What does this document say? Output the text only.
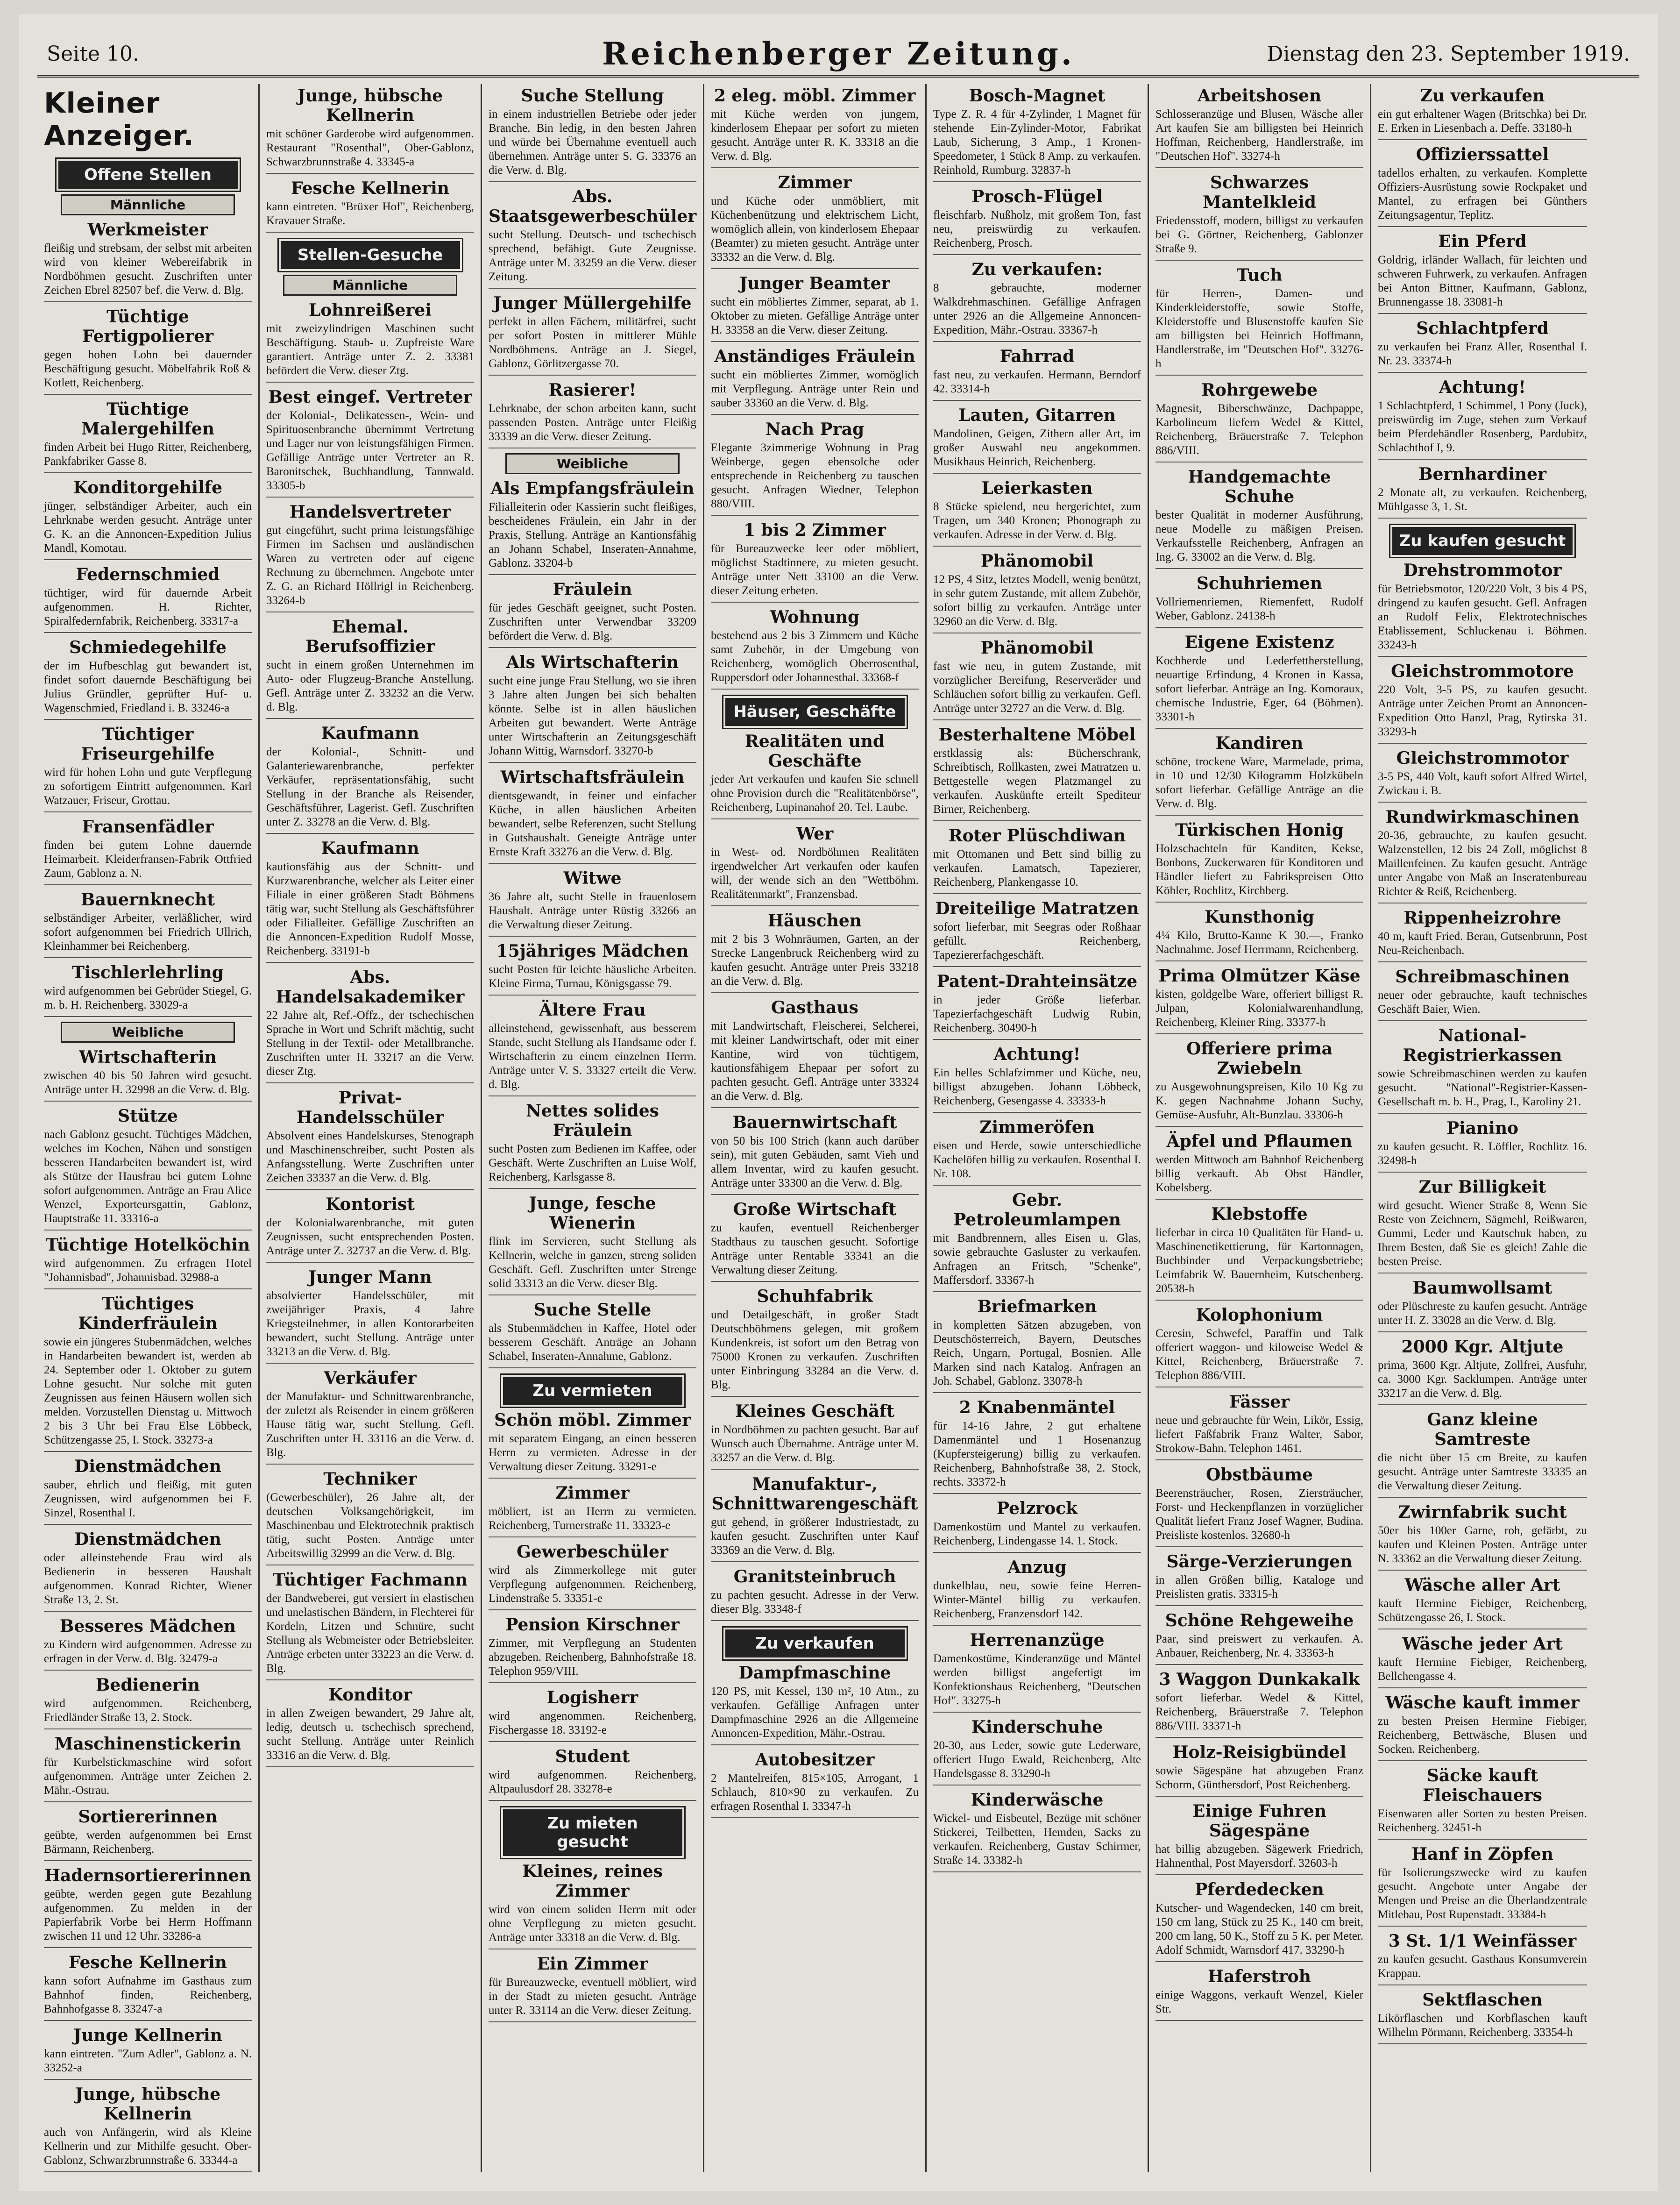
Seite 10.	Reichenberger Zeitung.	Dienstag den 23. September 1919.
Kleiner Anzeiger.
Offene Stellen
Männliche
Werkmeister
fleißig und strebsam, der selbst mit arbeiten wird von kleiner Webereifabrik in Nordböhmen gesucht. Zuschriften unter Zeichen Ebrel 82507 bef. die Verw. d. Blg.
Tüchtige Fertigpolierer
gegen hohen Lohn bei dauernder Beschäftigung gesucht. Möbelfabrik Roß & Kotlett, Reichenberg.
Tüchtige Malergehilfen
finden Arbeit bei Hugo Ritter, Reichenberg, Pankfabriker Gasse 8.
Konditorgehilfe
jünger, selbständiger Arbeiter, auch ein Lehrknabe werden gesucht. Anträge unter G. K. an die Annoncen-Expedition Julius Mandl, Komotau.
Federnschmied
tüchtiger, wird für dauernde Arbeit aufgenommen. H. Richter, Spiralfedernfabrik, Reichenberg. 33317-a
Schmiedegehilfe
der im Hufbeschlag gut bewandert ist, findet sofort dauernde Beschäftigung bei Julius Gründler, geprüfter Huf- u. Wagenschmied, Friedland i. B. 33246-a
Tüchtiger Friseurgehilfe
wird für hohen Lohn und gute Verpflegung zu sofortigem Eintritt aufgenommen. Karl Watzauer, Friseur, Grottau.
Fransenfädler
finden bei gutem Lohne dauernde Heimarbeit. Kleiderfransen-Fabrik Ottfried Zaum, Gablonz a. N.
Bauernknecht
selbständiger Arbeiter, verläßlicher, wird sofort aufgenommen bei Friedrich Ullrich, Kleinhammer bei Reichenberg.
Tischlerlehrling
wird aufgenommen bei Gebrüder Stiegel, G. m. b. H. Reichenberg. 33029-a
Weibliche
Wirtschafterin
zwischen 40 bis 50 Jahren wird gesucht. Anträge unter H. 32998 an die Verw. d. Blg.
Stütze
nach Gablonz gesucht. Tüchtiges Mädchen, welches im Kochen, Nähen und sonstigen besseren Handarbeiten bewandert ist, wird als Stütze der Hausfrau bei gutem Lohne sofort aufgenommen. Anträge an Frau Alice Wenzel, Exporteursgattin, Gablonz, Hauptstraße 11. 33316-a
Tüchtige Hotelköchin
wird aufgenommen. Zu erfragen Hotel "Johannisbad", Johannisbad. 32988-a
Tüchtiges Kinderfräulein
sowie ein jüngeres Stubenmädchen, welches in Handarbeiten bewandert ist, werden ab 24. September oder 1. Oktober zu gutem Lohne gesucht. Nur solche mit guten Zeugnissen aus feinen Häusern wollen sich melden. Vorzustellen Dienstag u. Mittwoch 2 bis 3 Uhr bei Frau Else Löbbeck, Schützengasse 25, I. Stock. 33273-a
Dienstmädchen
sauber, ehrlich und fleißig, mit guten Zeugnissen, wird aufgenommen bei F. Sinzel, Rosenthal I.
Dienstmädchen
oder alleinstehende Frau wird als Bedienerin in besseren Haushalt aufgenommen. Konrad Richter, Wiener Straße 13, 2. St.
Besseres Mädchen
zu Kindern wird aufgenommen. Adresse zu erfragen in der Verw. d. Blg. 32479-a
Bedienerin
wird aufgenommen. Reichenberg, Friedländer Straße 13, 2. Stock.
Maschinenstickerin
für Kurbelstickmaschine wird sofort aufgenommen. Anträge unter Zeichen 2. Mähr.-Ostrau.
Sortiererinnen
geübte, werden aufgenommen bei Ernst Bärmann, Reichenberg.
Hadernsortiererinnen
geübte, werden gegen gute Bezahlung aufgenommen. Zu melden in der Papierfabrik Vorbe bei Herrn Hoffmann zwischen 11 und 12 Uhr. 33286-a
Fesche Kellnerin
kann sofort Aufnahme im Gasthaus zum Bahnhof finden, Reichenberg, Bahnhofgasse 8. 33247-a
Junge Kellnerin
kann eintreten. "Zum Adler", Gablonz a. N. 33252-a
Junge, hübsche Kellnerin
auch von Anfängerin, wird als Kleine Kellnerin und zur Mithilfe gesucht. Ober-Gablonz, Schwarzbrunnstraße 6. 33344-a
Junge, hübsche Kellnerin
mit schöner Garderobe wird aufgenommen. Restaurant "Rosenthal", Ober-Gablonz, Schwarzbrunnstraße 4. 33345-a
Fesche Kellnerin
kann eintreten. "Brüxer Hof", Reichenberg, Kravauer Straße.
Stellen-Gesuche
Männliche
Lohnreißerei
mit zweizylindrigen Maschinen sucht Beschäftigung. Staub- u. Zupfreiste Ware garantiert. Anträge unter Z. 2. 33381 befördert die Verw. dieser Ztg.
Best eingef. Vertreter
der Kolonial-, Delikatessen-, Wein- und Spirituosenbranche übernimmt Vertretung und Lager nur von leistungsfähigen Firmen. Gefällige Anträge unter Vertreter an R. Baronitschek, Buchhandlung, Tannwald. 33305-b
Handelsvertreter
gut eingeführt, sucht prima leistungsfähige Firmen im Sachsen und ausländischen Waren zu vertreten oder auf eigene Rechnung zu übernehmen. Angebote unter Z. G. an Richard Höllrigl in Reichenberg. 33264-b
Ehemal. Berufsoffizier
sucht in einem großen Unternehmen im Auto- oder Flugzeug-Branche Anstellung. Gefl. Anträge unter Z. 33232 an die Verw. d. Blg.
Kaufmann
der Kolonial-, Schnitt- und Galanteriewarenbranche, perfekter Verkäufer, repräsentationsfähig, sucht Stellung in der Branche als Reisender, Geschäftsführer, Lagerist. Gefl. Zuschriften unter Z. 33278 an die Verw. d. Blg.
Kaufmann
kautionsfähig aus der Schnitt- und Kurzwarenbranche, welcher als Leiter einer Filiale in einer größeren Stadt Böhmens tätig war, sucht Stellung als Geschäftsführer oder Filialleiter. Gefällige Zuschriften an die Annoncen-Expedition Rudolf Mosse, Reichenberg. 33191-b
Abs. Handelsakademiker
22 Jahre alt, Ref.-Offz., der tschechischen Sprache in Wort und Schrift mächtig, sucht Stellung in der Textil- oder Metallbranche. Zuschriften unter H. 33217 an die Verw. dieser Ztg.
Privat-Handelsschüler
Absolvent eines Handelskurses, Stenograph und Maschinenschreiber, sucht Posten als Anfangsstellung. Werte Zuschriften unter Zeichen 33337 an die Verw. d. Blg.
Kontorist
der Kolonialwarenbranche, mit guten Zeugnissen, sucht entsprechenden Posten. Anträge unter Z. 32737 an die Verw. d. Blg.
Junger Mann
absolvierter Handelsschüler, mit zweijähriger Praxis, 4 Jahre Kriegsteilnehmer, in allen Kontorarbeiten bewandert, sucht Stellung. Anträge unter 33213 an die Verw. d. Blg.
Verkäufer
der Manufaktur- und Schnittwarenbranche, der zuletzt als Reisender in einem größeren Hause tätig war, sucht Stellung. Gefl. Zuschriften unter H. 33116 an die Verw. d. Blg.
Techniker
(Gewerbeschüler), 26 Jahre alt, der deutschen Volksangehörigkeit, im Maschinenbau und Elektrotechnik praktisch tätig, sucht Posten. Anträge unter Arbeitswillig 32999 an die Verw. d. Blg.
Tüchtiger Fachmann
der Bandweberei, gut versiert in elastischen und unelastischen Bändern, in Flechterei für Kordeln, Litzen und Schnüre, sucht Stellung als Webmeister oder Betriebsleiter. Anträge erbeten unter 33223 an die Verw. d. Blg.
Konditor
in allen Zweigen bewandert, 29 Jahre alt, ledig, deutsch u. tschechisch sprechend, sucht Stellung. Anträge unter Reinlich 33316 an die Verw. d. Blg.
Suche Stellung
in einem industriellen Betriebe oder jeder Branche. Bin ledig, in den besten Jahren und würde bei Übernahme eventuell auch übernehmen. Anträge unter S. G. 33376 an die Verw. d. Blg.
Abs. Staatsgewerbeschüler
sucht Stellung. Deutsch- und tschechisch sprechend, befähigt. Gute Zeugnisse. Anträge unter M. 33259 an die Verw. dieser Zeitung.
Junger Müllergehilfe
perfekt in allen Fächern, militärfrei, sucht per sofort Posten in mittlerer Mühle Nordböhmens. Anträge an J. Siegel, Gablonz, Görlitzergasse 70.
Rasierer!
Lehrknabe, der schon arbeiten kann, sucht passenden Posten. Anträge unter Fleißig 33339 an die Verw. dieser Zeitung.
Weibliche
Als Empfangsfräulein
Filialleiterin oder Kassierin sucht fleißiges, bescheidenes Fräulein, ein Jahr in der Praxis, Stellung. Anträge an Kantionsfähig an Johann Schabel, Inseraten-Annahme, Gablonz. 33204-b
Fräulein
für jedes Geschäft geeignet, sucht Posten. Zuschriften unter Verwendbar 33209 befördert die Verw. d. Blg.
Als Wirtschafterin
sucht eine junge Frau Stellung, wo sie ihren 3 Jahre alten Jungen bei sich behalten könnte. Selbe ist in allen häuslichen Arbeiten gut bewandert. Werte Anträge unter Wirtschafterin an Zeitungsgeschäft Johann Wittig, Warnsdorf. 33270-b
Wirtschaftsfräulein
dientsgewandt, in feiner und einfacher Küche, in allen häuslichen Arbeiten bewandert, selbe Referenzen, sucht Stellung in Gutshaushalt. Geneigte Anträge unter Ernste Kraft 33276 an die Verw. d. Blg.
Witwe
36 Jahre alt, sucht Stelle in frauenlosem Haushalt. Anträge unter Rüstig 33266 an die Verwaltung dieser Zeitung.
15jähriges Mädchen
sucht Posten für leichte häusliche Arbeiten. Kleine Firma, Turnau, Königsgasse 79.
Ältere Frau
alleinstehend, gewissenhaft, aus besserem Stande, sucht Stellung als Handsame oder f. Wirtschafterin zu einem einzelnen Herrn. Anträge unter V. S. 33327 erteilt die Verw. d. Blg.
Nettes solides Fräulein
sucht Posten zum Bedienen im Kaffee, oder Geschäft. Werte Zuschriften an Luise Wolf, Reichenberg, Karlsgasse 8.
Junge, fesche Wienerin
flink im Servieren, sucht Stellung als Kellnerin, welche in ganzen, streng soliden Geschäft. Gefl. Zuschriften unter Strenge solid 33313 an die Verw. dieser Blg.
Suche Stelle
als Stubenmädchen in Kaffee, Hotel oder besserem Geschäft. Anträge an Johann Schabel, Inseraten-Annahme, Gablonz.
Zu vermieten
Schön möbl. Zimmer
mit separatem Eingang, an einen besseren Herrn zu vermieten. Adresse in der Verwaltung dieser Zeitung. 33291-e
Zimmer
möbliert, ist an Herrn zu vermieten. Reichenberg, Turnerstraße 11. 33323-e
Gewerbeschüler
wird als Zimmerkollege mit guter Verpflegung aufgenommen. Reichenberg, Lindenstraße 5. 33351-e
Pension Kirschner
Zimmer, mit Verpflegung an Studenten abzugeben. Reichenberg, Bahnhofstraße 18. Telephon 959/VIII.
Logisherr
wird angenommen. Reichenberg, Fischergasse 18. 33192-e
Student
wird aufgenommen. Reichenberg, Altpaulusdorf 28. 33278-e
Zu mieten gesucht
Kleines, reines Zimmer
wird von einem soliden Herrn mit oder ohne Verpflegung zu mieten gesucht. Anträge unter 33318 an die Verw. d. Blg.
Ein Zimmer
für Bureauzwecke, eventuell möbliert, wird in der Stadt zu mieten gesucht. Anträge unter R. 33114 an die Verw. dieser Zeitung.
2 eleg. möbl. Zimmer
mit Küche werden von jungem, kinderlosem Ehepaar per sofort zu mieten gesucht. Anträge unter R. K. 33318 an die Verw. d. Blg.
Zimmer
und Küche oder unmöbliert, mit Küchenbenützung und elektrischem Licht, womöglich allein, von kinderlosem Ehepaar (Beamter) zu mieten gesucht. Anträge unter 33332 an die Verw. d. Blg.
Junger Beamter
sucht ein möbliertes Zimmer, separat, ab 1. Oktober zu mieten. Gefällige Anträge unter H. 33358 an die Verw. dieser Zeitung.
Anständiges Fräulein
sucht ein möbliertes Zimmer, womöglich mit Verpflegung. Anträge unter Rein und sauber 33360 an die Verw. d. Blg.
Nach Prag
Elegante 3zimmerige Wohnung in Prag Weinberge, gegen ebensolche oder entsprechende in Reichenberg zu tauschen gesucht. Anfragen Wiedner, Telephon 880/VIII.
1 bis 2 Zimmer
für Bureauzwecke leer oder möbliert, möglichst Stadtinnere, zu mieten gesucht. Anträge unter Nett 33100 an die Verw. dieser Zeitung erbeten.
Wohnung
bestehend aus 2 bis 3 Zimmern und Küche samt Zubehör, in der Umgebung von Reichenberg, womöglich Oberrosenthal, Ruppersdorf oder Johannesthal. 33368-f
Häuser, Geschäfte
Realitäten und Geschäfte
jeder Art verkaufen und kaufen Sie schnell ohne Provision durch die "Realitätenbörse", Reichenberg, Lupinanahof 20. Tel. Laube.
Wer
in West- od. Nordböhmen Realitäten irgendwelcher Art verkaufen oder kaufen will, der wende sich an den "Wettböhm. Realitätenmarkt", Franzensbad.
Häuschen
mit 2 bis 3 Wohnräumen, Garten, an der Strecke Langenbruck Reichenberg wird zu kaufen gesucht. Anträge unter Preis 33218 an die Verw. d. Blg.
Gasthaus
mit Landwirtschaft, Fleischerei, Selcherei, mit kleiner Landwirtschaft, oder mit einer Kantine, wird von tüchtigem, kautionsfähigem Ehepaar per sofort zu pachten gesucht. Gefl. Anträge unter 33324 an die Verw. d. Blg.
Bauernwirtschaft
von 50 bis 100 Strich (kann auch darüber sein), mit guten Gebäuden, samt Vieh und allem Inventar, wird zu kaufen gesucht. Anträge unter 33300 an die Verw. d. Blg.
Große Wirtschaft
zu kaufen, eventuell Reichenberger Stadthaus zu tauschen gesucht. Sofortige Anträge unter Rentable 33341 an die Verwaltung dieser Zeitung.
Schuhfabrik
und Detailgeschäft, in großer Stadt Deutschböhmens gelegen, mit großem Kundenkreis, ist sofort um den Betrag von 75000 Kronen zu verkaufen. Zuschriften unter Einbringung 33284 an die Verw. d. Blg.
Kleines Geschäft
in Nordböhmen zu pachten gesucht. Bar auf Wunsch auch Übernahme. Anträge unter M. 33257 an die Verw. d. Blg.
Manufaktur-, Schnittwarengeschäft
gut gehend, in größerer Industriestadt, zu kaufen gesucht. Zuschriften unter Kauf 33369 an die Verw. d. Blg.
Granitsteinbruch
zu pachten gesucht. Adresse in der Verw. dieser Blg. 33348-f
Zu verkaufen
Dampfmaschine
120 PS, mit Kessel, 130 m², 10 Atm., zu verkaufen. Gefällige Anfragen unter Dampfmaschine 2926 an die Allgemeine Annoncen-Expedition, Mähr.-Ostrau.
Autobesitzer
2 Mantelreifen, 815×105, Arrogant, 1 Schlauch, 810×90 zu verkaufen. Zu erfragen Rosenthal I. 33347-h
Bosch-Magnet
Type Z. R. 4 für 4-Zylinder, 1 Magnet für stehende Ein-Zylinder-Motor, Fabrikat Laub, Sicherung, 3 Amp., 1 Kronen-Speedometer, 1 Stück 8 Amp. zu verkaufen. Reinhold, Rumburg. 32837-h
Prosch-Flügel
fleischfarb. Nußholz, mit großem Ton, fast neu, preiswürdig zu verkaufen. Reichenberg, Prosch.
Zu verkaufen:
8 gebrauchte, moderner Walkdrehmaschinen. Gefällige Anfragen unter 2926 an die Allgemeine Annoncen-Expedition, Mähr.-Ostrau. 33367-h
Fahrrad
fast neu, zu verkaufen. Hermann, Berndorf 42. 33314-h
Lauten, Gitarren
Mandolinen, Geigen, Zithern aller Art, im großer Auswahl neu angekommen. Musikhaus Heinrich, Reichenberg.
Leierkasten
8 Stücke spielend, neu hergerichtet, zum Tragen, um 340 Kronen; Phonograph zu verkaufen. Adresse in der Verw. d. Blg.
Phänomobil
12 PS, 4 Sitz, letztes Modell, wenig benützt, in sehr gutem Zustande, mit allem Zubehör, sofort billig zu verkaufen. Anträge unter 32960 an die Verw. d. Blg.
Phänomobil
fast wie neu, in gutem Zustande, mit vorzüglicher Bereifung, Reserveräder und Schläuchen sofort billig zu verkaufen. Gefl. Anträge unter 32727 an die Verw. d. Blg.
Besterhaltene Möbel
erstklassig als: Bücherschrank, Schreibtisch, Rollkasten, zwei Matratzen u. Bettgestelle wegen Platzmangel zu verkaufen. Auskünfte erteilt Spediteur Birner, Reichenberg.
Roter Plüschdiwan
mit Ottomanen und Bett sind billig zu verkaufen. Lamatsch, Tapezierer, Reichenberg, Plankengasse 10.
Dreiteilige Matratzen
sofort lieferbar, mit Seegras oder Roßhaar gefüllt. Reichenberg, Tapeziererfachgeschäft.
Patent-Drahteinsätze
in jeder Größe lieferbar. Tapezierfachgeschäft Ludwig Rubin, Reichenberg. 30490-h
Achtung!
Ein helles Schlafzimmer und Küche, neu, billigst abzugeben. Johann Löbbeck, Reichenberg, Gesengasse 4. 33333-h
Zimmeröfen
eisen und Herde, sowie unterschiedliche Kachelöfen billig zu verkaufen. Rosenthal I. Nr. 108.
Gebr. Petroleumlampen
mit Bandbrennern, alles Eisen u. Glas, sowie gebrauchte Gasluster zu verkaufen. Anfragen an Fritsch, "Schenke", Maffersdorf. 33367-h
Briefmarken
in kompletten Sätzen abzugeben, von Deutschösterreich, Bayern, Deutsches Reich, Ungarn, Portugal, Bosnien. Alle Marken sind nach Katalog. Anfragen an Joh. Schabel, Gablonz. 33078-h
2 Knabenmäntel
für 14-16 Jahre, 2 gut erhaltene Damenmäntel und 1 Hosenanzug (Kupfersteigerung) billig zu verkaufen. Reichenberg, Bahnhofstraße 38, 2. Stock, rechts. 33372-h
Pelzrock
Damenkostüm und Mantel zu verkaufen. Reichenberg, Lindengasse 14. 1. Stock.
Anzug
dunkelblau, neu, sowie feine Herren-Winter-Mäntel billig zu verkaufen. Reichenberg, Franzensdorf 142.
Herrenanzüge
Damenkostüme, Kinderanzüge und Mäntel werden billigst angefertigt im Konfektionshaus Reichenberg, "Deutschen Hof". 33275-h
Kinderschuhe
20-30, aus Leder, sowie gute Lederware, offeriert Hugo Ewald, Reichenberg, Alte Handelsgasse 8. 33290-h
Kinderwäsche
Wickel- und Eisbeutel, Bezüge mit schöner Stickerei, Teilbetten, Hemden, Sacks zu verkaufen. Reichenberg, Gustav Schirmer, Straße 14. 33382-h
Arbeitshosen
Schlosseranzüge und Blusen, Wäsche aller Art kaufen Sie am billigsten bei Heinrich Hoffman, Reichenberg, Handlerstraße, im "Deutschen Hof". 33274-h
Schwarzes Mantelkleid
Friedensstoff, modern, billigst zu verkaufen bei G. Görtner, Reichenberg, Gablonzer Straße 9.
Tuch
für Herren-, Damen- und Kinderkleiderstoffe, sowie Stoffe, Kleiderstoffe und Blusenstoffe kaufen Sie am billigsten bei Heinrich Hoffmann, Handlerstraße, im "Deutschen Hof". 33276-h
Rohrgewebe
Magnesit, Biberschwänze, Dachpappe, Karbolineum liefern Wedel & Kittel, Reichenberg, Bräuerstraße 7. Telephon 886/VIII.
Handgemachte Schuhe
bester Qualität in moderner Ausführung, neue Modelle zu mäßigen Preisen. Verkaufsstelle Reichenberg, Anfragen an Ing. G. 33002 an die Verw. d. Blg.
Schuhriemen
Vollriemenriemen, Riemenfett, Rudolf Weber, Gablonz. 24138-h
Eigene Existenz
Kochherde und Lederfettherstellung, neuartige Erfindung, 4 Kronen in Kassa, sofort lieferbar. Anträge an Ing. Komoraux, chemische Industrie, Eger, 64 (Böhmen). 33301-h
Kandiren
schöne, trockene Ware, Marmelade, prima, in 10 und 12/30 Kilogramm Holzkübeln sofort lieferbar. Gefällige Anträge an die Verw. d. Blg.
Türkischen Honig
Holzschachteln für Kanditen, Kekse, Bonbons, Zuckerwaren für Konditoren und Händler liefert zu Fabrikspreisen Otto Köhler, Rochlitz, Kirchberg.
Kunsthonig
4¼ Kilo, Brutto-Kanne K 30.—, Franko Nachnahme. Josef Herrmann, Reichenberg.
Prima Olmützer Käse
kisten, goldgelbe Ware, offeriert billigst R. Julpan, Kolonialwarenhandlung, Reichenberg, Kleiner Ring. 33377-h
Offeriere prima Zwiebeln
zu Ausgewohnungspreisen, Kilo 10 Kg zu K. gegen Nachnahme Johann Suchy, Gemüse-Ausfuhr, Alt-Bunzlau. 33306-h
Äpfel und Pflaumen
werden Mittwoch am Bahnhof Reichenberg billig verkauft. Ab Obst Händler, Kobelsberg.
Klebstoffe
lieferbar in circa 10 Qualitäten für Hand- u. Maschinenetikettierung, für Kartonnagen, Buchbinder und Verpackungsbetriebe; Leimfabrik W. Bauernheim, Kutschenberg. 20538-h
Kolophonium
Ceresin, Schwefel, Paraffin und Talk offeriert waggon- und kiloweise Wedel & Kittel, Reichenberg, Bräuerstraße 7. Telephon 886/VIII.
Fässer
neue und gebrauchte für Wein, Likör, Essig, liefert Faßfabrik Franz Walter, Sabor, Strokow-Bahn. Telephon 1461.
Obstbäume
Beerensträucher, Rosen, Ziersträucher, Forst- und Heckenpflanzen in vorzüglicher Qualität liefert Franz Josef Wagner, Budina. Preisliste kostenlos. 32680-h
Särge-Verzierungen
in allen Größen billig, Kataloge und Preislisten gratis. 33315-h
Schöne Rehgeweihe
Paar, sind preiswert zu verkaufen. A. Anbauer, Reichenberg, Nr. 4. 33363-h
3 Waggon Dunkakalk
sofort lieferbar. Wedel & Kittel, Reichenberg, Bräuerstraße 7. Telephon 886/VIII. 33371-h
Holz-Reisigbündel
sowie Sägespäne hat abzugeben Franz Schorm, Günthersdorf, Post Reichenberg.
Einige Fuhren Sägespäne
hat billig abzugeben. Sägewerk Friedrich, Hahnenthal, Post Mayersdorf. 32603-h
Pferdedecken
Kutscher- und Wagendecken, 140 cm breit, 150 cm lang, Stück zu 25 K., 140 cm breit, 200 cm lang, 50 K., Stoff zu 5 K. per Meter. Adolf Schmidt, Warnsdorf 417. 33290-h
Haferstroh
einige Waggons, verkauft Wenzel, Kieler Str.
Zu verkaufen
ein gut erhaltener Wagen (Britschka) bei Dr. E. Erken in Liesenbach a. Deffe. 33180-h
Offizierssattel
tadellos erhalten, zu verkaufen. Komplette Offiziers-Ausrüstung sowie Rockpaket und Mantel, zu erfragen bei Günthers Zeitungsagentur, Teplitz.
Ein Pferd
Goldrig, irländer Wallach, für leichten und schweren Fuhrwerk, zu verkaufen. Anfragen bei Anton Bittner, Kaufmann, Gablonz, Brunnengasse 18. 33081-h
Schlachtpferd
zu verkaufen bei Franz Aller, Rosenthal I. Nr. 23. 33374-h
Achtung!
1 Schlachtpferd, 1 Schimmel, 1 Pony (Juck), preiswürdig im Zuge, stehen zum Verkauf beim Pferdehändler Rosenberg, Pardubitz, Schlachthof I, 9.
Bernhardiner
2 Monate alt, zu verkaufen. Reichenberg, Mühlgasse 3, 1. St.
Zu kaufen gesucht
Drehstrommotor
für Betriebsmotor, 120/220 Volt, 3 bis 4 PS, dringend zu kaufen gesucht. Gefl. Anfragen an Rudolf Felix, Elektrotechnisches Etablissement, Schluckenau i. Böhmen. 33243-h
Gleichstrommotore
220 Volt, 3-5 PS, zu kaufen gesucht. Anträge unter Zeichen Promt an Annoncen-Expedition Otto Hanzl, Prag, Rytirska 31. 33293-h
Gleichstrommotor
3-5 PS, 440 Volt, kauft sofort Alfred Wirtel, Zwickau i. B.
Rundwirkmaschinen
20-36, gebrauchte, zu kaufen gesucht. Walzenstellen, 12 bis 24 Zoll, möglichst 8 Maillenfeinen. Zu kaufen gesucht. Anträge unter Angabe von Maß an Inseratenbureau Richter & Reiß, Reichenberg.
Rippenheizrohre
40 m, kauft Fried. Beran, Gutsenbrunn, Post Neu-Reichenbach.
Schreibmaschinen
neuer oder gebrauchte, kauft technisches Geschäft Baier, Wien.
National-Registrierkassen
sowie Schreibmaschinen werden zu kaufen gesucht. "National"-Registrier-Kassen-Gesellschaft m. b. H., Prag, I., Karoliny 21.
Pianino
zu kaufen gesucht. R. Löffler, Rochlitz 16. 32498-h
Zur Billigkeit
wird gesucht. Wiener Straße 8, Wenn Sie Reste von Zeichnern, Sägmehl, Reißwaren, Gummi, Leder und Kautschuk haben, zu Ihrem Besten, daß Sie es gleich! Zahle die besten Preise.
Baumwollsamt
oder Plüschreste zu kaufen gesucht. Anträge unter H. Z. 33028 an die Verw. d. Blg.
2000 Kgr. Altjute
prima, 3600 Kgr. Altjute, Zollfrei, Ausfuhr, ca. 3000 Kgr. Sacklumpen. Anträge unter 33217 an die Verw. d. Blg.
Ganz kleine Samtreste
die nicht über 15 cm Breite, zu kaufen gesucht. Anträge unter Samtreste 33335 an die Verwaltung dieser Zeitung.
Zwirnfabrik sucht
50er bis 100er Garne, roh, gefärbt, zu kaufen und Kleinen Posten. Anträge unter N. 33362 an die Verwaltung dieser Zeitung.
Wäsche aller Art
kauft Hermine Fiebiger, Reichenberg, Schützengasse 26, I. Stock.
Wäsche jeder Art
kauft Hermine Fiebiger, Reichenberg, Bellchengasse 4.
Wäsche kauft immer
zu besten Preisen Hermine Fiebiger, Reichenberg, Bettwäsche, Blusen und Socken. Reichenberg.
Säcke kauft Fleischauers
Eisenwaren aller Sorten zu besten Preisen. Reichenberg. 32451-h
Hanf in Zöpfen
für Isolierungszwecke wird zu kaufen gesucht. Angebote unter Angabe der Mengen und Preise an die Überlandzentrale Mitlebau, Post Rupenstadt. 33384-h
3 St. 1/1 Weinfässer
zu kaufen gesucht. Gasthaus Konsumverein Krappau.
Sektflaschen
Likörflaschen und Korbflaschen kauft Wilhelm Pörmann, Reichenberg. 33354-h
